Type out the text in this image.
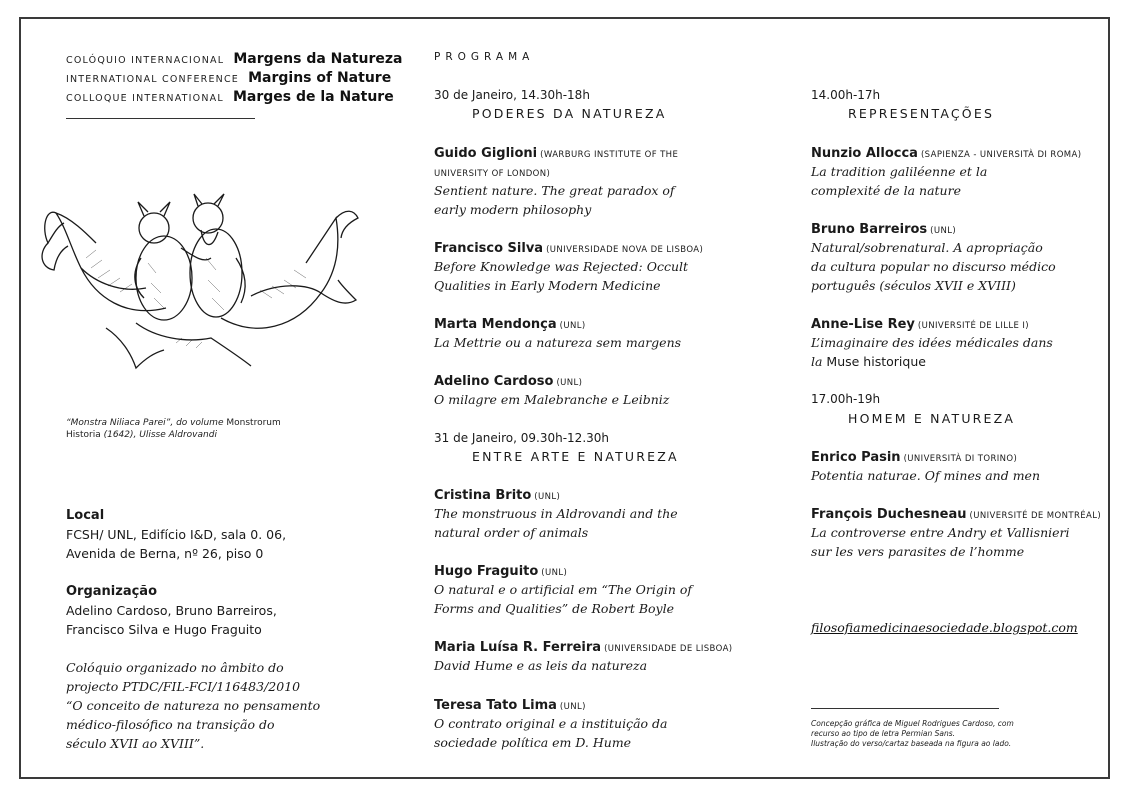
COLÓQUIO INTERNACIONAL Margens da Natureza
INTERNATIONAL CONFERENCE Margins of Nature
COLLOQUE INTERNATIONAL Marges de la Nature
“Monstra Niliaca Parei”, do volume Monstrorum Historia (1642), Ulisse Aldrovandi
Local
FCSH/ UNL, Edifício I&D, sala 0. 06,
Avenida de Berna, nº 26, piso 0
Organização
Adelino Cardoso, Bruno Barreiros,
Francisco Silva e Hugo Fraguito
Colóquio organizado no âmbito do
projecto PTDC/FIL-FCI/116483/2010
“O conceito de natureza no pensamento
médico-filosófico na transição do
século XVII ao XVIII”.
PROGRAMA
30 de Janeiro, 14.30h-18h
PODERES DA NATUREZA
Guido Giglioni (WARBURG INSTITUTE OF THE
UNIVERSITY OF LONDON)
Sentient nature. The great paradox of
early modern philosophy
Francisco Silva (UNIVERSIDADE NOVA DE LISBOA)
Before Knowledge was Rejected: Occult
Qualities in Early Modern Medicine
Marta Mendonça (UNL)
La Mettrie ou a natureza sem margens
Adelino Cardoso (UNL)
O milagre em Malebranche e Leibniz
31 de Janeiro, 09.30h-12.30h
ENTRE ARTE E NATUREZA
Cristina Brito (UNL)
The monstruous in Aldrovandi and the
natural order of animals
Hugo Fraguito (UNL)
O natural e o artificial em “The Origin of
Forms and Qualities” de Robert Boyle
Maria Luísa R. Ferreira (UNIVERSIDADE DE LISBOA)
David Hume e as leis da natureza
Teresa Tato Lima (UNL)
O contrato original e a instituição da
sociedade política em D. Hume
14.00h-17h
REPRESENTAÇÕES
Nunzio Allocca (SAPIENZA - UNIVERSITÀ DI ROMA)
La tradition galiléenne et la
complexité de la nature
Bruno Barreiros (UNL)
Natural/sobrenatural. A apropriação
da cultura popular no discurso médico
português (séculos XVII e XVIII)
Anne-Lise Rey (UNIVERSITÉ DE LILLE I)
L’imaginaire des idées médicales dans
la Muse historique
17.00h-19h
HOMEM E NATUREZA
Enrico Pasin (UNIVERSITÀ DI TORINO)
Potentia naturae. Of mines and men
François Duchesneau (UNIVERSITÉ DE MONTRÉAL)
La controverse entre Andry et Vallisnieri
sur les vers parasites de l’homme
filosofiamedicinaesociedade.blogspot.com
Concepção gráfica de Miguel Rodrigues Cardoso, com
recurso ao tipo de letra Permian Sans.
Ilustração do verso/cartaz baseada na figura ao lado.
